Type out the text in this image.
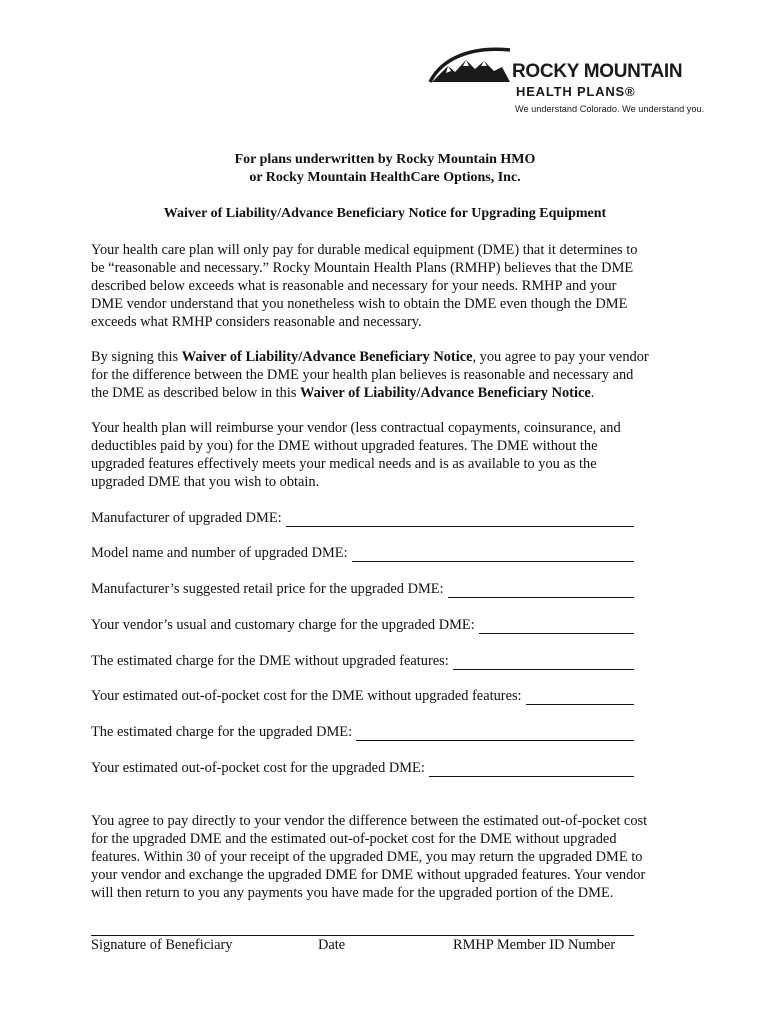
ROCKY MOUNTAIN
HEALTH PLANS®
We understand Colorado. We understand you.
For plans underwritten by Rocky Mountain HMO
or Rocky Mountain HealthCare Options, Inc.
Waiver of Liability/Advance Beneficiary Notice for Upgrading Equipment
Your health care plan will only pay for durable medical equipment (DME) that it determines to
be “reasonable and necessary.” Rocky Mountain Health Plans (RMHP) believes that the DME
described below exceeds what is reasonable and necessary for your needs. RMHP and your
DME vendor understand that you nonetheless wish to obtain the DME even though the DME
exceeds what RMHP considers reasonable and necessary.
By signing this Waiver of Liability/Advance Beneficiary Notice, you agree to pay your vendor
for the difference between the DME your health plan believes is reasonable and necessary and
the DME as described below in this Waiver of Liability/Advance Beneficiary Notice.
Your health plan will reimburse your vendor (less contractual copayments, coinsurance, and
deductibles paid by you) for the DME without upgraded features. The DME without the
upgraded features effectively meets your medical needs and is as available to you as the
upgraded DME that you wish to obtain.
Manufacturer of upgraded DME:
Model name and number of upgraded DME:
Manufacturer’s suggested retail price for the upgraded DME:
Your vendor’s usual and customary charge for the upgraded DME:
The estimated charge for the DME without upgraded features:
Your estimated out-of-pocket cost for the DME without upgraded features:
The estimated charge for the upgraded DME:
Your estimated out-of-pocket cost for the upgraded DME:
You agree to pay directly to your vendor the difference between the estimated out-of-pocket cost
for the upgraded DME and the estimated out-of-pocket cost for the DME without upgraded
features. Within 30 of your receipt of the upgraded DME, you may return the upgraded DME to
your vendor and exchange the upgraded DME for DME without upgraded features. Your vendor
will then return to you any payments you have made for the upgraded portion of the DME.
Signature of Beneficiary	Date	RMHP Member ID Number
